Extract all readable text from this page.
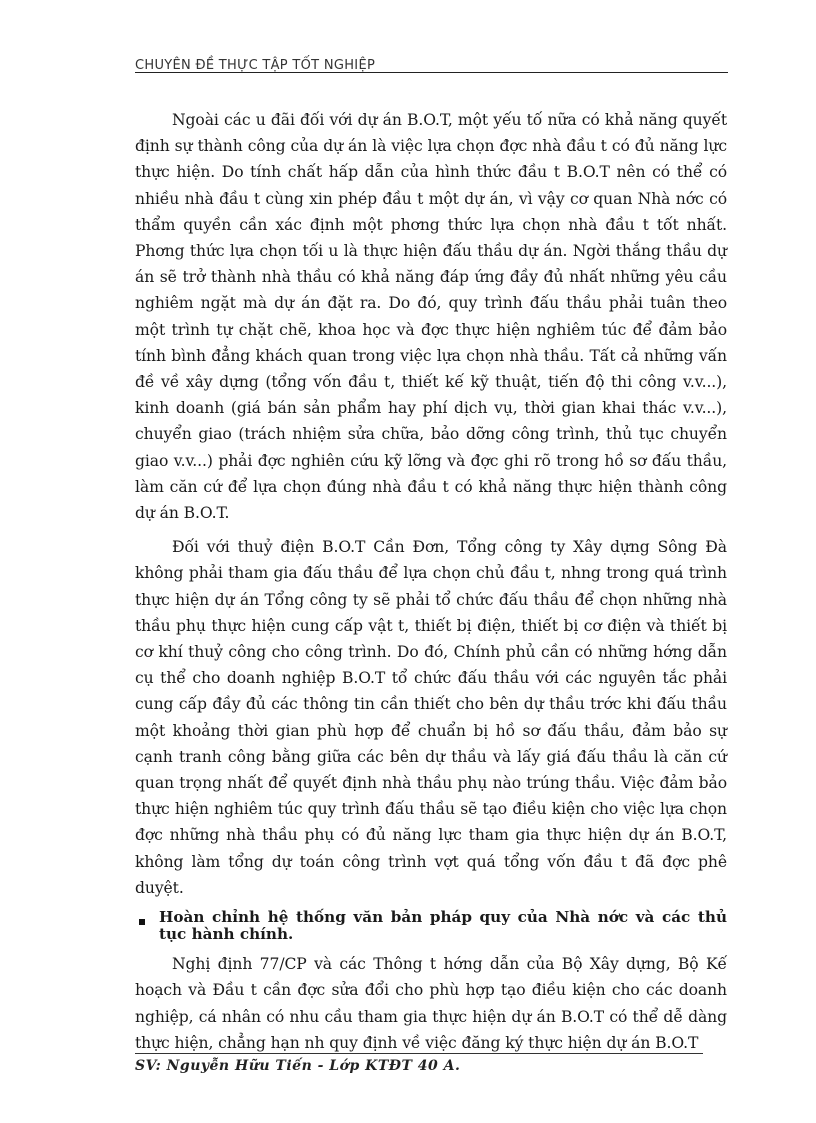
CHUYÊN ĐỀ THỰC TẬP TỐT NGHIỆP

Ngoài các u đãi đối với dự án B.O.T, một yếu tố nữa có khả năng quyết định sự thành công của dự án là việc lựa chọn đợc nhà đầu t có đủ năng lực thực hiện. Do tính chất hấp dẫn của hình thức đầu t B.O.T nên có thể có nhiều nhà đầu t cùng xin phép đầu t một dự án, vì vậy cơ quan Nhà nớc có thẩm quyền cần xác định một phơng thức lựa chọn nhà đầu t tốt nhất. Phơng thức lựa chọn tối u là thực hiện đấu thầu dự án. Ngời thắng thầu dự án sẽ trở thành nhà thầu có khả năng đáp ứng đầy đủ nhất những yêu cầu nghiêm ngặt mà dự án đặt ra. Do đó, quy trình đấu thầu phải tuân theo một trình tự chặt chẽ, khoa học và đợc thực hiện nghiêm túc để đảm bảo tính bình đẳng khách quan trong việc lựa chọn nhà thầu. Tất cả những vấn đề về xây dựng (tổng vốn đầu t, thiết kế kỹ thuật, tiến độ thi công v.v...), kinh doanh (giá bán sản phẩm hay phí dịch vụ, thời gian khai thác v.v...), chuyển giao (trách nhiệm sửa chữa, bảo dỡng công trình, thủ tục chuyển giao v.v...) phải đợc nghiên cứu kỹ lỡng và đợc ghi rõ trong hồ sơ đấu thầu, làm căn cứ để lựa chọn đúng nhà đầu t có khả năng thực hiện thành công dự án B.O.T.

Đối với thuỷ điện B.O.T Cần Đơn, Tổng công ty Xây dựng Sông Đà không phải tham gia đấu thầu để lựa chọn chủ đầu t, nhng trong quá trình thực hiện dự án Tổng công ty sẽ phải tổ chức đấu thầu để chọn những nhà thầu phụ thực hiện cung cấp vật t, thiết bị điện, thiết bị cơ điện và thiết bị cơ khí thuỷ công cho công trình. Do đó, Chính phủ cần có những hớng dẫn cụ thể cho doanh nghiệp B.O.T tổ chức đấu thầu với các nguyên tắc phải cung cấp đầy đủ các thông tin cần thiết cho bên dự thầu trớc khi đấu thầu một khoảng thời gian phù hợp để chuẩn bị hồ sơ đấu thầu, đảm bảo sự cạnh tranh công bằng giữa các bên dự thầu và lấy giá đấu thầu là căn cứ quan trọng nhất để quyết định nhà thầu phụ nào trúng thầu. Việc đảm bảo thực hiện nghiêm túc quy trình đấu thầu sẽ tạo điều kiện cho việc lựa chọn đợc những nhà thầu phụ có đủ năng lực tham gia thực hiện dự án B.O.T, không làm tổng dự toán công trình vợt quá tổng vốn đầu t đã đợc phê duyệt.

Hoàn chỉnh hệ thống văn bản pháp quy của Nhà nớc và các thủ tục hành chính.

Nghị định 77/CP và các Thông t hớng dẫn của Bộ Xây dựng, Bộ Kế hoạch và Đầu t cần đợc sửa đổi cho phù hợp tạo điều kiện cho các doanh nghiệp, cá nhân có nhu cầu tham gia thực hiện dự án B.O.T có thể dễ dàng thực hiện, chẳng hạn nh quy định về việc đăng ký thực hiện dự án B.O.T

SV: Nguyễn Hữu Tiến - Lớp KTĐT 40 A.
